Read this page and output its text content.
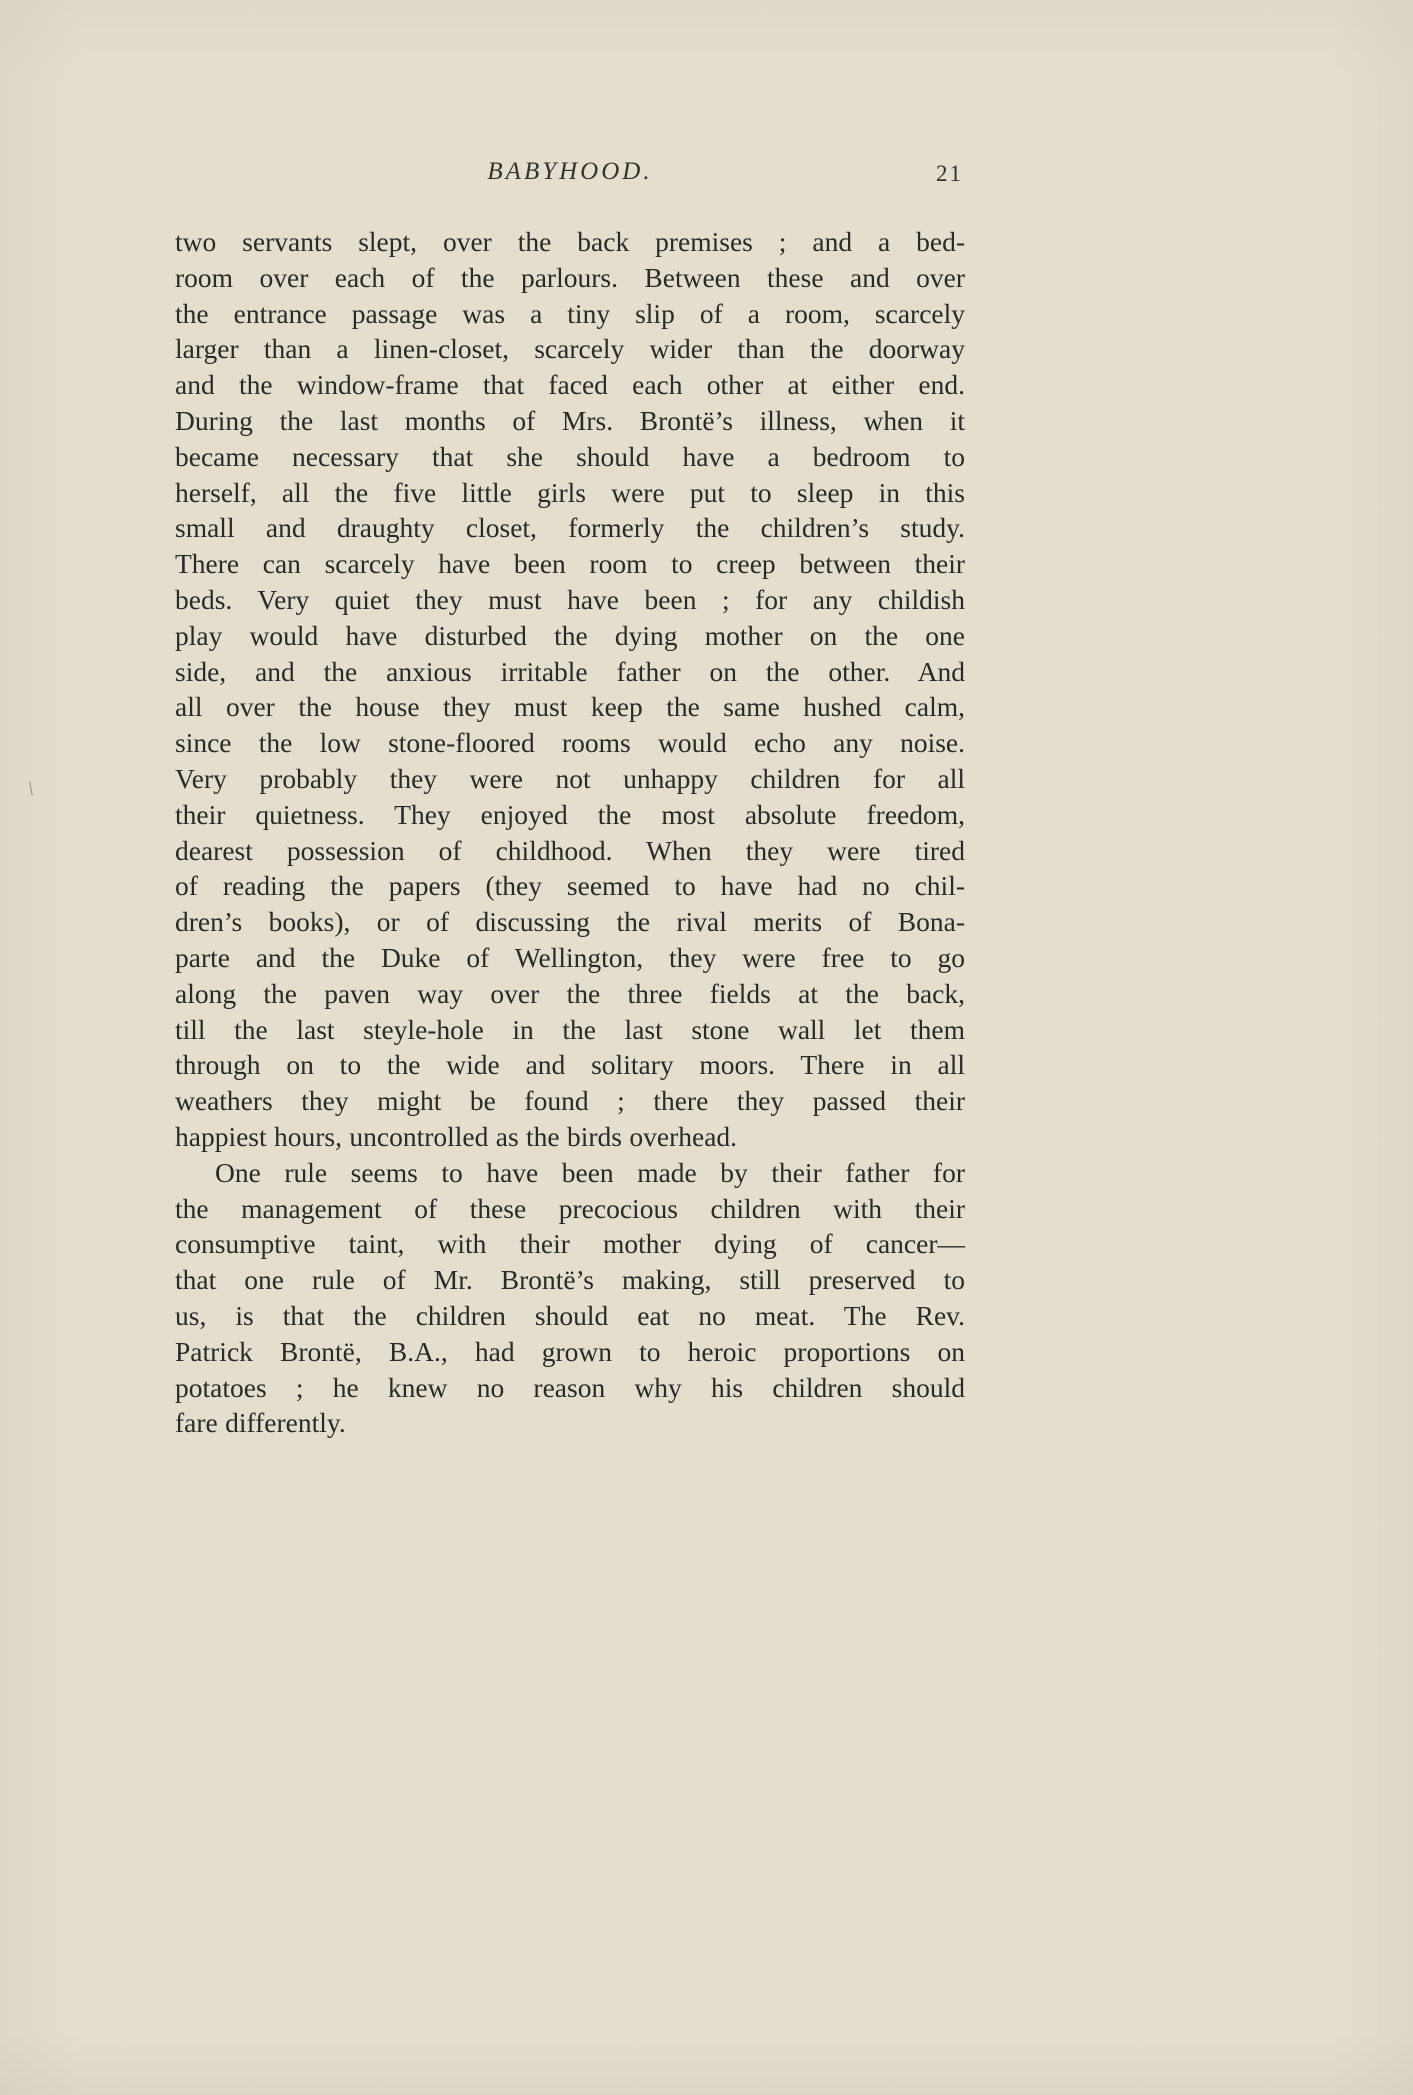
\
BABYHOOD.	21
two servants slept, over the back premises ; and a bed-
room over each of the parlours. Between these and over
the entrance passage was a tiny slip of a room, scarcely
larger than a linen-closet, scarcely wider than the doorway
and the window-frame that faced each other at either end.
During the last months of Mrs. Brontë’s illness, when it
became necessary that she should have a bedroom to
herself, all the five little girls were put to sleep in this
small and draughty closet, formerly the children’s study.
There can scarcely have been room to creep between their
beds. Very quiet they must have been ; for any childish
play would have disturbed the dying mother on the one
side, and the anxious irritable father on the other. And
all over the house they must keep the same hushed calm,
since the low stone-floored rooms would echo any noise.
Very probably they were not unhappy children for all
their quietness. They enjoyed the most absolute freedom,
dearest possession of childhood. When they were tired
of reading the papers (they seemed to have had no chil-
dren’s books), or of discussing the rival merits of Bona-
parte and the Duke of Wellington, they were free to go
along the paven way over the three fields at the back,
till the last steyle-hole in the last stone wall let them
through on to the wide and solitary moors. There in all
weathers they might be found ; there they passed their
happiest hours, uncontrolled as the birds overhead.
One rule seems to have been made by their father for
the management of these precocious children with their
consumptive taint, with their mother dying of cancer—
that one rule of Mr. Brontë’s making, still preserved to
us, is that the children should eat no meat. The Rev.
Patrick Brontë, B.A., had grown to heroic proportions on
potatoes ; he knew no reason why his children should
fare differently.
